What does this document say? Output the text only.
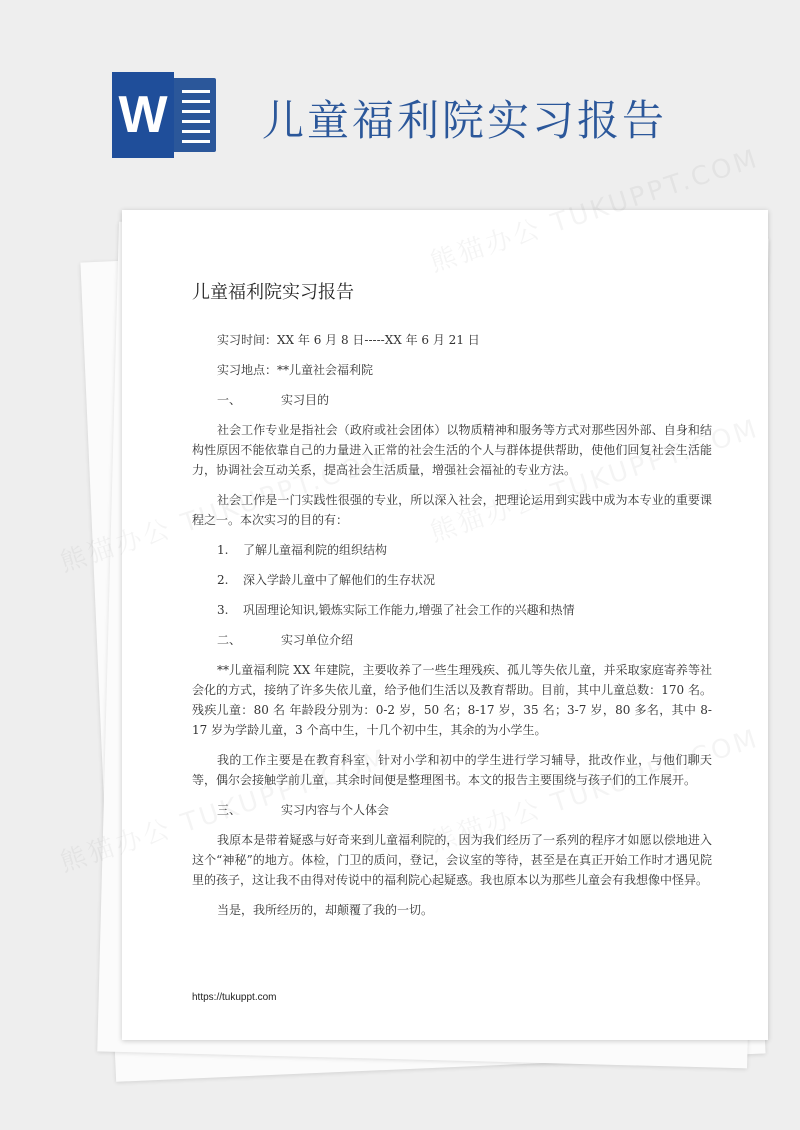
W 儿童福利院实习报告
儿童福利院实习报告
实习时间：XX 年 6 月 8 日-----XX 年 6 月 21 日
实习地点：**儿童社会福利院
一、	实习目的
社会工作专业是指社会（政府或社会团体）以物质精神和服务等方式对那些因外部、自身和结构性原因不能依靠自己的力量进入正常的社会生活的个人与群体提供帮助，使他们回复社会生活能力，协调社会互动关系，提高社会生活质量，增强社会福祉的专业方法。
社会工作是一门实践性很强的专业，所以深入社会，把理论运用到实践中成为本专业的重要课程之一。本次实习的目的有：
1. 了解儿童福利院的组织结构
2. 深入学龄儿童中了解他们的生存状况
3. 巩固理论知识,锻炼实际工作能力,增强了社会工作的兴趣和热情
二、	实习单位介绍
**儿童福利院 XX 年建院，主要收养了一些生理残疾、孤儿等失依儿童，并采取家庭寄养等社会化的方式，接纳了许多失依儿童，给予他们生活以及教育帮助。目前，其中儿童总数：170 名。残疾儿童：80 名 年龄段分别为：0-2 岁，50 名；8-17 岁，35 名；3-7 岁，80 多名，其中 8-17 岁为学龄儿童，3 个高中生，十几个初中生，其余的为小学生。
我的工作主要是在教育科室，针对小学和初中的学生进行学习辅导，批改作业，与他们聊天等，偶尔会接触学前儿童，其余时间便是整理图书。本文的报告主要围绕与孩子们的工作展开。
三、	实习内容与个人体会
我原本是带着疑惑与好奇来到儿童福利院的，因为我们经历了一系列的程序才如愿以偿地进入这个“神秘”的地方。体检，门卫的质问，登记，会议室的等待，甚至是在真正开始工作时才遇见院里的孩子，这让我不由得对传说中的福利院心起疑惑。我也原本以为那些儿童会有我想像中怪异。
当是，我所经历的，却颠覆了我的一切。
https://tukuppt.com
